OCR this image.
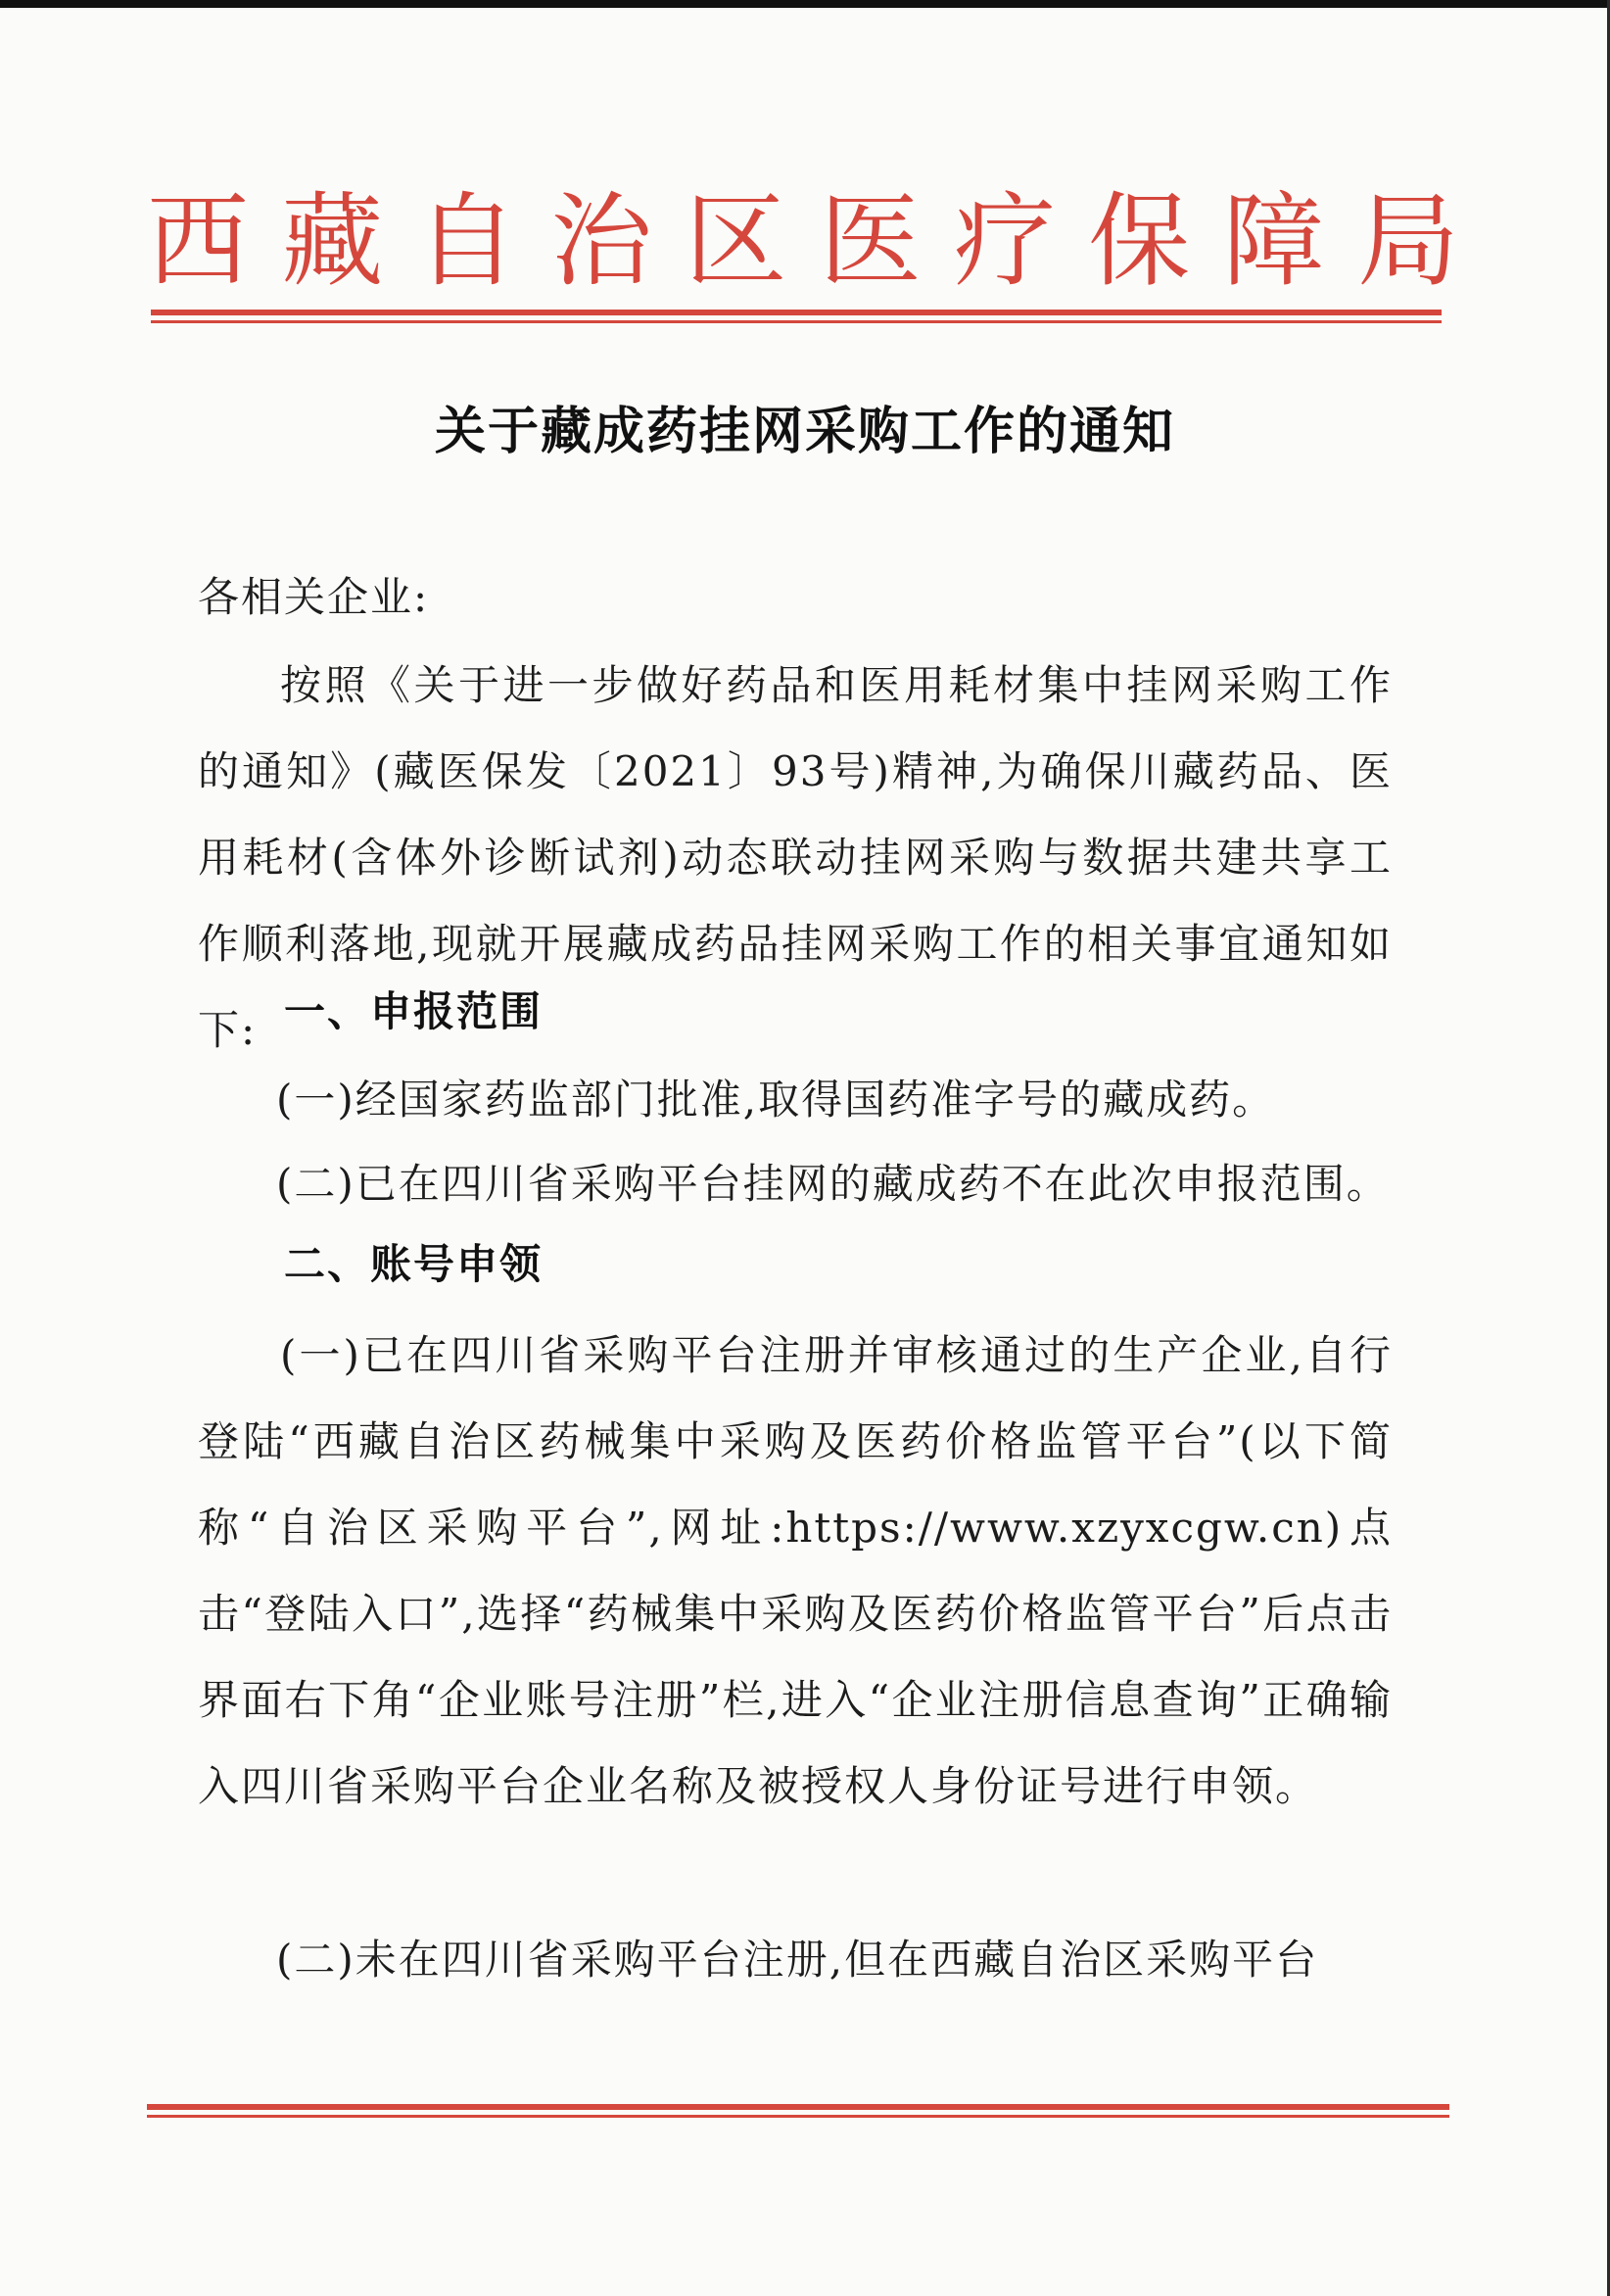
西 藏 自 治 区 医 疗 保 障 局
关于藏成药挂网采购工作的通知
各相关企业:
按照《关于进一步做好药品和医用耗材集中挂网采购工作的通知》(藏医保发〔2021〕93号)精神,为确保川藏药品、医用耗材(含体外诊断试剂)动态联动挂网采购与数据共建共享工作顺利落地,现就开展藏成药品挂网采购工作的相关事宜通知如下: 一、申报范围
(一)经国家药监部门批准,取得国药准字号的藏成药。
(二)已在四川省采购平台挂网的藏成药不在此次申报范围。
二、账号申领
(一)已在四川省采购平台注册并审核通过的生产企业,自行登陆“西藏自治区药械集中采购及医药价格监管平台”(以下简称“自治区采购平台”,网址:https://www.xzyxcgw.cn)点击“登陆入口”,选择“药械集中采购及医药价格监管平台”后点击界面右下角“企业账号注册”栏,进入“企业注册信息查询”正确输入四川省采购平台企业名称及被授权人身份证号进行申领。
(二)未在四川省采购平台注册,但在西藏自治区采购平台
